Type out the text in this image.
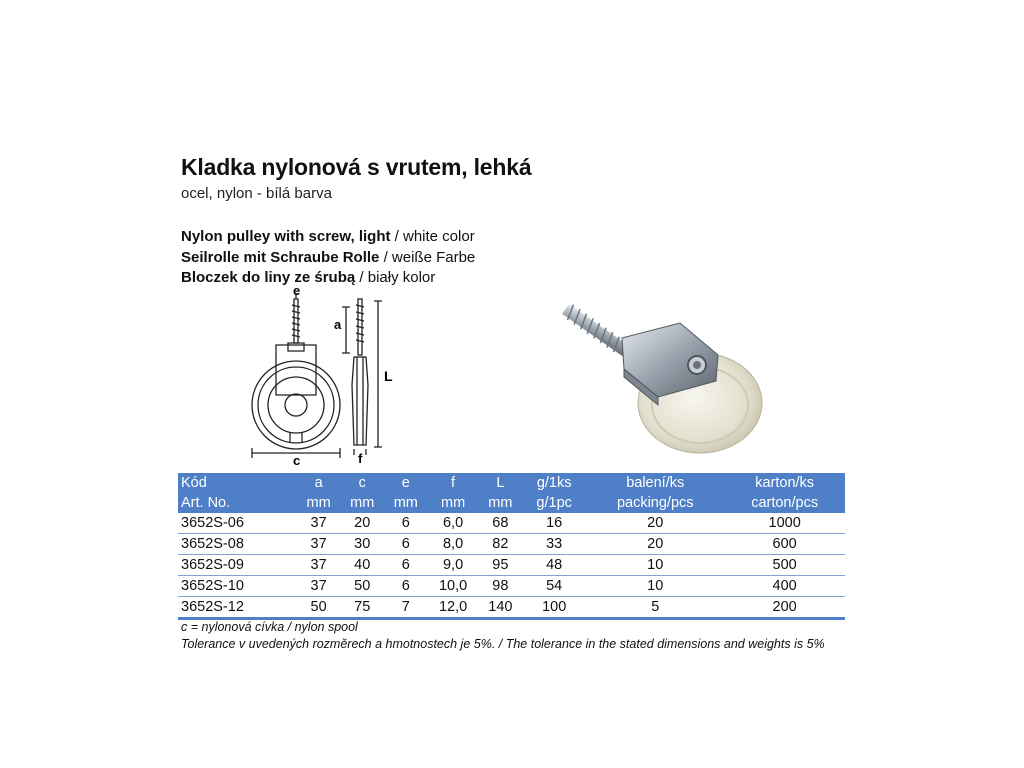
Kladka nylonová s vrutem, lehká
ocel, nylon - bílá barva
Nylon pulley with screw, light / white color
Seilrolle mit Schraube Rolle / weiße Farbe
Bloczek do liny ze śrubą / biały kolor
e
a
L
c	f
Kód	a	c	e	f	L	g/1ks	balení/ks	karton/ks
Art. No.	mm	mm	mm	mm	mm	g/1pc	packing/pcs	carton/pcs
3652S-06	37	20	6	6,0	68	16	20	1000
3652S-08	37	30	6	8,0	82	33	20	600
3652S-09	37	40	6	9,0	95	48	10	500
3652S-10	37	50	6	10,0	98	54	10	400
3652S-12	50	75	7	12,0	140	100	5	200
c = nylonová cívka / nylon spool
Tolerance v uvedených rozměrech a hmotnostech je 5%. / The tolerance in the stated dimensions and weights is 5%
